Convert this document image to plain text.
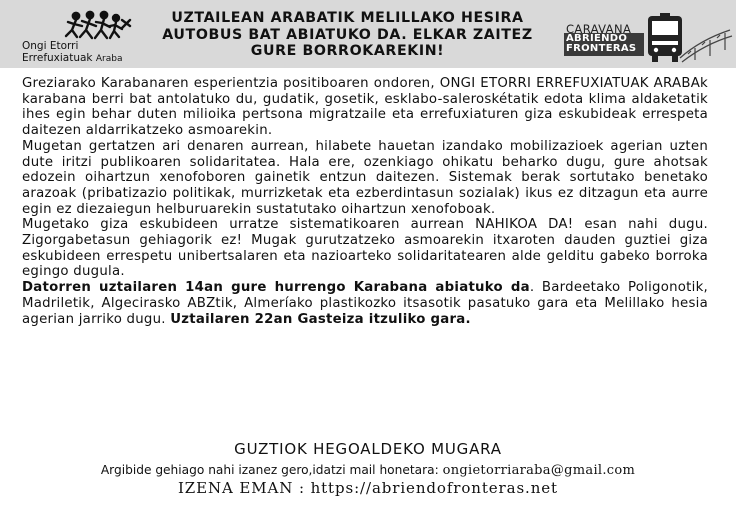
Ongi Etorri
Errefuxiatuak Araba
UZTAILEAN ARABATIK MELILLAKO HESIRA
AUTOBUS BAT ABIATUKO DA. ELKAR ZAITEZ
GURE BORROKAREKIN!
CARAVANA
ABRIENDO
FRONTERAS

Greziarako Karabanaren esperientzia positiboaren ondoren, ONGI ETORRI ERREFUXIATUAK ARABAk karabana berri bat antolatuko du, gudatik, gosetik, esklabo-saleroskétatik edota klima aldaketatik ihes egin behar duten milioika pertsona migratzaile eta errefuxiaturen giza eskubideak errespeta daitezen aldarrikatzeko asmoarekin.

Mugetan gertatzen ari denaren aurrean, hilabete hauetan izandako mobilizazioek agerian uzten dute iritzi publikoaren solidaritatea. Hala ere, ozenkiago ohikatu beharko dugu, gure ahotsak edozein oihartzun xenofoboren gainetik entzun daitezen. Sistemak berak sortutako benetako arazoak (pribatizazio politikak, murrizketak eta ezberdintasun sozialak) ikus ez ditzagun eta aurre egin ez diezaiegun helburuarekin sustatutako oihartzun xenofoboak.

Mugetako giza eskubideen urratze sistematikoaren aurrean NAHIKOA DA! esan nahi dugu. Zigorgabetasun gehiagorik ez! Mugak gurutzatzeko asmoarekin itxaroten dauden guztiei giza eskubideen errespetu unibertsalaren eta nazioarteko solidaritatearen alde gelditu gabeko borroka egingo dugula.

Datorren uztailaren 14an gure hurrengo Karabana abiatuko da. Bardeetako Poligonotik, Madriletik, Algecirasko ABZtik, Almeríako plastikozko itsasotik pasatuko gara eta Melillako hesia agerian jarriko dugu. Uztailaren 22an Gasteiza itzuliko gara.

GUZTIOK HEGOALDEKO MUGARA
Argibide gehiago nahi izanez gero,idatzi mail honetara: ongietorriaraba@gmail.com
IZENA EMAN : https://abriendofronteras.net
